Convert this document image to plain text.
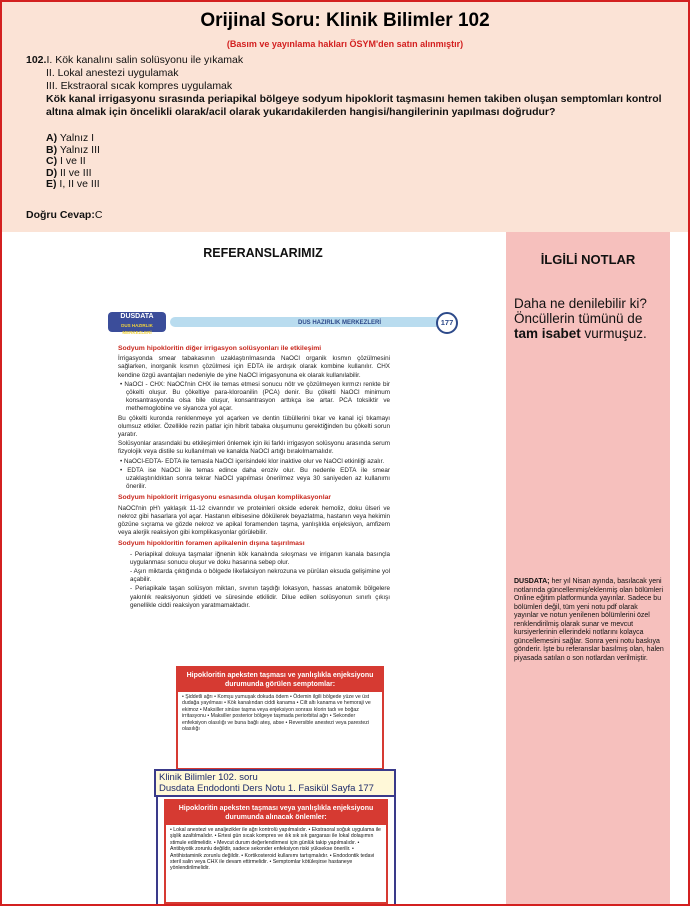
Orijinal Soru: Klinik Bilimler 102
(Basım ve yayınlama hakları ÖSYM'den satın alınmıştır)
102.I. Kök kanalını salin solüsyonu ile yıkamak
II. Lokal anestezi uygulamak
III. Ekstraoral sıcak kompres uygulamak
Kök kanal irrigasyonu sırasında periapikal bölgeye sodyum hipoklorit taşmasını hemen takiben oluşan semptomları kontrol altına almak için öncelikli olarak/acil olarak yukarıdakilerden hangisi/hangilerinin yapılması doğrudur?
A) Yalnız I
B) Yalnız III
C) I ve II
D) II ve III
E) I, II ve III
Doğru Cevap:C
REFERANSLARIMIZ
DUSDATA
DUS HAZIRLIK MERKEZLERİ
DUS HAZIRLIK MERKEZLERİ	177
Sodyum hipokloritin diğer irrigasyon solüsyonları ile etkileşimi
İrrigasyonda smear tabakasının uzaklaştırılmasında NaOCl organik kısmın çözülmesini sağlarken, inorganik kısmın çözülmesi için EDTA ile ardışık olarak kombine kullanılır. CHX kendine özgü avantajları nedeniyle de yine NaOCl irrigasyonuna ek olarak kullanılabilir.
• NaOCl - CHX: NaOCl'nin CHX ile temas etmesi sonucu nötr ve çözülmeyen kırmızı renkte bir çökelti oluşur. Bu çökeltiye para-kloroanilin (PCA) denir. Bu çökelti NaOCl minimum konsantrasyonda olsa bile oluşur, konsantrasyon arttıkça ise artar. PCA toksiktir ve methemoglobine ve siyanoza yol açar.
Bu çökelti kuronda renklenmeye yol açarken ve dentin tübüllerini tıkar ve kanal içi tıkamayı olumsuz etkiler. Özellikle rezin patlar için hibrit tabaka oluşumunu gerektiğinden bu çökelti sorun yaratır.
Solüsyonlar arasındaki bu etkileşimleri önlemek için iki farklı irrigasyon solüsyonu arasında serum fizyolojik veya distile su kullanılmalı ve kanalda NaOCl artığı bırakılmamalıdır.
• NaOCl-EDTA- EDTA ile temasla NaOCl içerisindeki klor inaktive olur ve NaOCl etkinliği azalır.
• EDTA ise NaOCl ile temas edince daha eroziv olur. Bu nedenle EDTA ile smear uzaklaştırıldıktan sonra tekrar NaOCl yapılması önerilmez veya 30 saniyeden az kullanımı önerilir.
Sodyum hipoklorit irrigasyonu esnasında oluşan komplikasyonlar
NaOCl'nin pH'ı yaklaşık 11-12 civarındır ve proteinleri okside ederek hemoliz, doku ülseri ve nekroz gibi hasarlara yol açar. Hastanın elbisesine dökülerek beyazlatma, hastanın veya hekimin gözüne sıçrama ve gözde nekroz ve apikal foramenden taşma, yanlışlıkla enjeksiyon, amfizem veya alerjik reaksiyon gibi komplikasyonlar görülebilir.
Sodyum hipokloritin foramen apikalenin dışına taşırılması
- Periapikal dokuya taşmalar iğnenin kök kanalında sıkışması ve irriganın kanala basınçla uygulanması sonucu oluşur ve doku hasarına sebep olur.
- Aşırı miktarda çıktığında o bölgede likefaksiyon nekrozuna ve pürülan eksuda gelişimine yol açabilir.
- Periapikale taşan solüsyon miktarı, sıvının taşdığı lokasyon, hassas anatomik bölgelere yakınlık reaksiyonun şiddeti ve süresinde etkilidir. Dilue edilen solüsyonun sınırlı çıkışı genellikle ciddi reaksiyon yaratmamaktadır.
Hipokloritin apeksten taşması ve yanlışlıkla enjeksiyonu durumunda görülen semptomlar:
• Şiddetli ağrı • Komşu yumuşak dokuda ödem • Ödemin ilgili bölgede yüze ve üst dudağa yayılması • Kök kanalından ciddi kanama • Cilt altı kanama ve hemoraji ve ekimoz • Maksiller sinüse taşma veya enjeksiyon sonrası klorin tadı ve boğaz irritasyonu • Maksiller posterior bölgeye taşmada periorbital ağrı • Sekonder enfeksiyon olasılığı ve buna bağlı ateş, abse • Reversible anestezi veya parestezi olasılığı
Hipokloritin apeksten taşması veya yanlışlıkla enjeksiyonu durumunda alınacak önlemler:
• Lokal anestezi ve analjezikler ile ağrı kontrolü yapılmalıdır. • Ekstraoral soğuk uygulama ile şişlik azaltılmalıdır. • Ertesi gün sıcak kompres ve ılık sık sık gargarası ile lokal dolaşımın stimule edilmelidir. • Mevcut durum değerlendirmesi için günlük takip yapılmalıdır. • Antibiyotik zorunlu değildir, sadece sekonder enfeksiyon riski yüksekse önerilir. • Antihistaminik zorunlu değildir. • Kortikosteroid kullanımı tartışmalıdır. • Endodontik tedavi steril salin veya CHX ile devam ettirmelidir. • Semptomlar kötüleşirse hastaneye yönlendirilmelidir.
Klinik Bilimler 102. soru
Dusdata Endodonti Ders Notu 1. Fasikül Sayfa 177
İLGİLİ NOTLAR
Daha ne denilebilir ki?
Öncüllerin tümünü de
tam isabet vurmuşuz.
DUSDATA; her yıl Nisan ayında, basılacak yeni notlarında güncellenmiş/eklenmiş olan bölümleri Online eğitim platformunda yayınlar. Sadece bu bölümleri değil, tüm yeni notu pdf olarak yayınlar ve notun yenilenen bölümlerini özel renklendirilmiş olarak sunar ve mevcut kursiyerlerinin ellerindeki notlarını kolayca güncellemesini sağlar. Sonra yeni notu baskıya gönderir. İşte bu referanslar basılmış olan, halen piyasada satılan o son notlardan verilmiştir.
